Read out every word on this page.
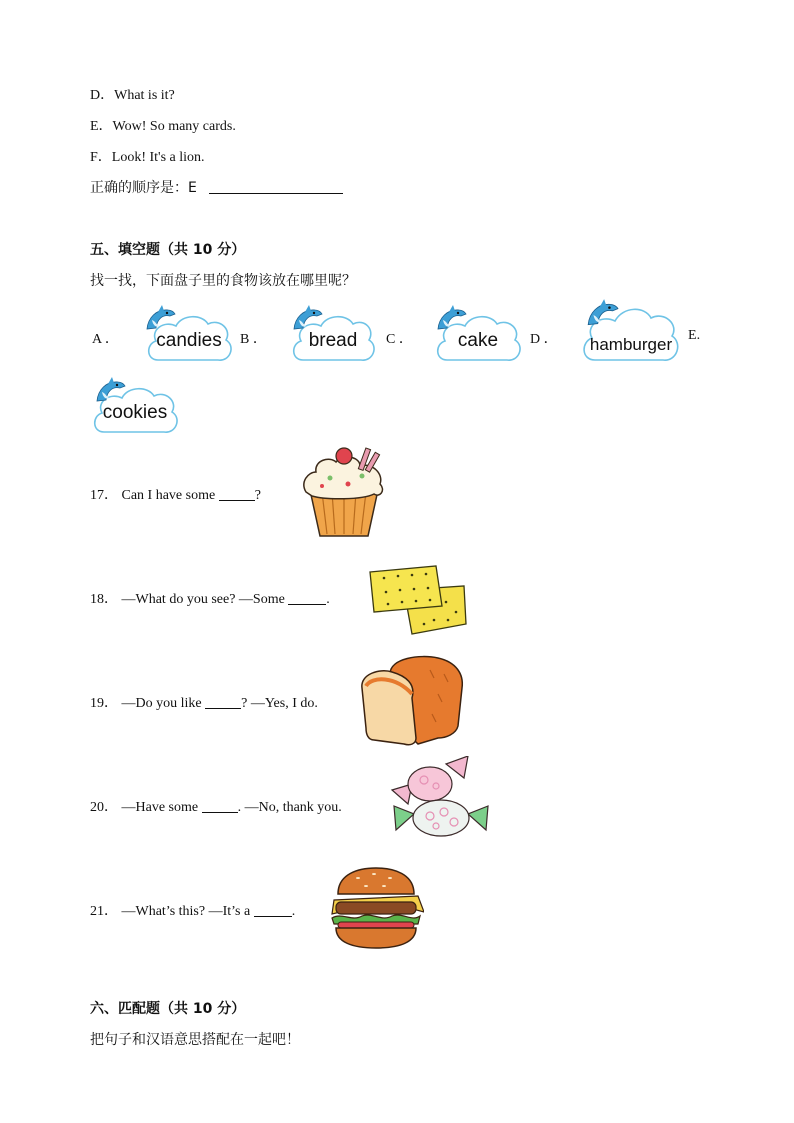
D．What is it?
E．Wow! So many cards.
F．Look! It's a lion.
正确的顺序是：E
五、填空题（共 10 分）
找一找，下面盘子里的食物该放在哪里呢？
A ．	candies	B ．	bread	C ．	cake	D ．	hamburger	E.
cookies
17． Can I have some	?
18． —What do you see? —Some	.
19． —Do you like	? —Yes, I do.
20． —Have some	. —No, thank you.
21． —What’s this? —It’s a	.
六、匹配题（共 10 分）
把句子和汉语意思搭配在一起吧！
